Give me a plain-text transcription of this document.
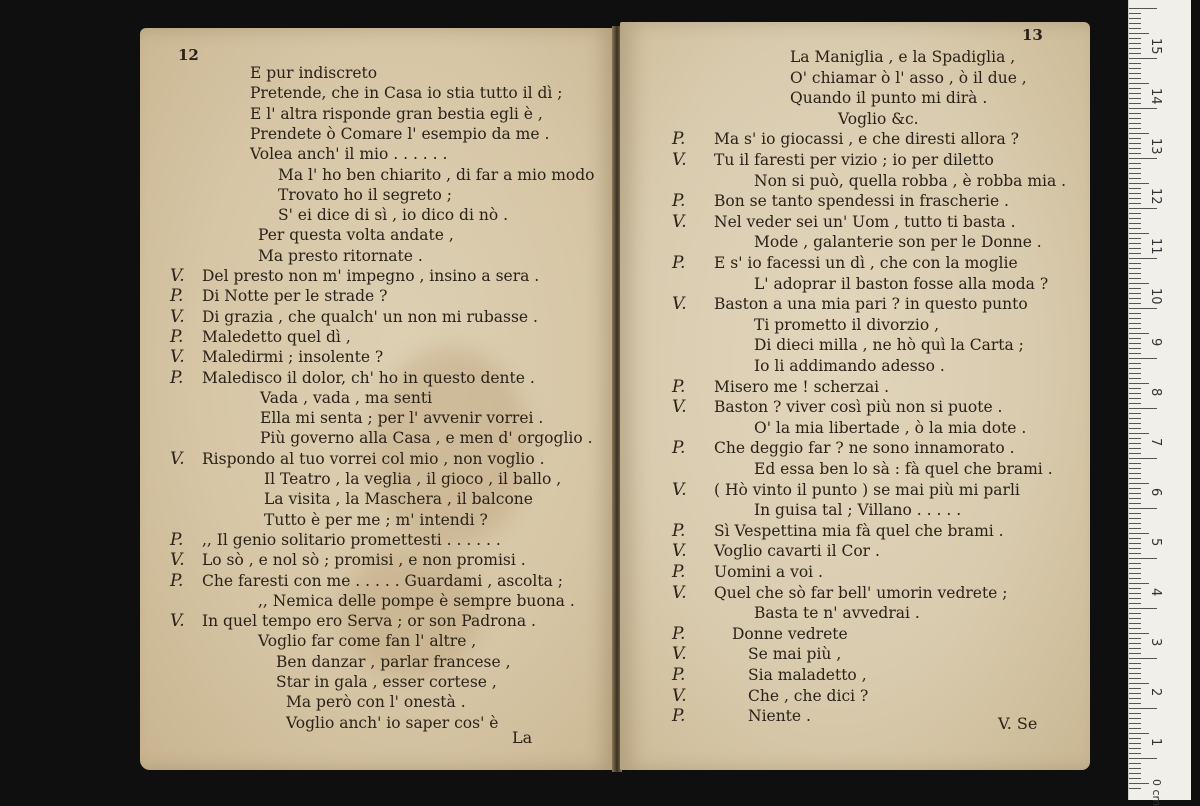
12
E pur indiscreto
Pretende, che in Casa io stia tutto il dì ;
E l' altra risponde gran bestia egli è ,
Prendete ò Comare l' esempio da me .
Volea anch' il mio . . . . . .
Ma l' ho ben chiarito , di far a mio modo
Trovato ho il segreto ;
S' ei dice di sì , io dico di nò .
Per questa volta andate ,
Ma presto ritornate .
V. Del presto non m' impegno , insino a sera .
P. Di Notte per le strade ?
V. Di grazia , che qualch' un non mi rubasse .
P. Maledetto quel dì ,
V. Maledirmi ; insolente ?
P. Maledisco il dolor, ch' ho in questo dente .
Vada , vada , ma senti
Ella mi senta ; per l' avvenir vorrei .
Più governo alla Casa , e men d' orgoglio .
V. Rispondo al tuo vorrei col mio , non voglio .
Il Teatro , la veglia , il gioco , il ballo ,
La visita , la Maschera , il balcone
Tutto è per me ; m' intendi ?
P. ,, Il genio solitario promettesti . . . . . .
V. Lo sò , e nol sò ; promisi , e non promisi .
P. Che faresti con me . . . . . Guardami , ascolta ;
,, Nemica delle pompe è sempre buona .
V. In quel tempo ero Serva ; or son Padrona .
Voglio far come fan l' altre ,
Ben danzar , parlar francese ,
Star in gala , esser cortese ,
Ma però con l' onestà .
Voglio anch' io saper cos' è
La
13
La Maniglia , e la Spadiglia ,
O' chiamar ò l' asso , ò il due ,
Quando il punto mi dirà .
Voglio &c.
P. Ma s' io giocassi , e che diresti allora ?
V. Tu il faresti per vizio ; io per diletto
Non si può, quella robba , è robba mia .
P. Bon se tanto spendessi in frascherie .
V. Nel veder sei un' Uom , tutto ti basta .
Mode , galanterie son per le Donne .
P. E s' io facessi un dì , che con la moglie
L' adoprar il baston fosse alla moda ?
V. Baston a una mia pari ? in questo punto
Ti prometto il divorzio ,
Di dieci milla , ne hò quì la Carta ;
Io li addimando adesso .
P. Misero me ! scherzai .
V. Baston ? viver così più non si puote .
O' la mia libertade , ò la mia dote .
P. Che deggio far ? ne sono innamorato .
Ed essa ben lo sà : fà quel che brami .
V. ( Hò vinto il punto ) se mai più mi parli
In guisa tal ; Villano . . . . .
P. Sì Vespettina mia fà quel che brami .
V. Voglio cavarti il Cor .
P. Uomini a voi .
V. Quel che sò far bell' umorin vedrete ;
Basta te n' avvedrai .
P.	Donne vedrete
V.	Se mai più ,
P.	Sia maladetto ,
V.	Che , che dici ?
P.	Niente .	V. Se
15
14
13
12
11
10
9
8
7
6
5
4
3
2
1
0 cm
